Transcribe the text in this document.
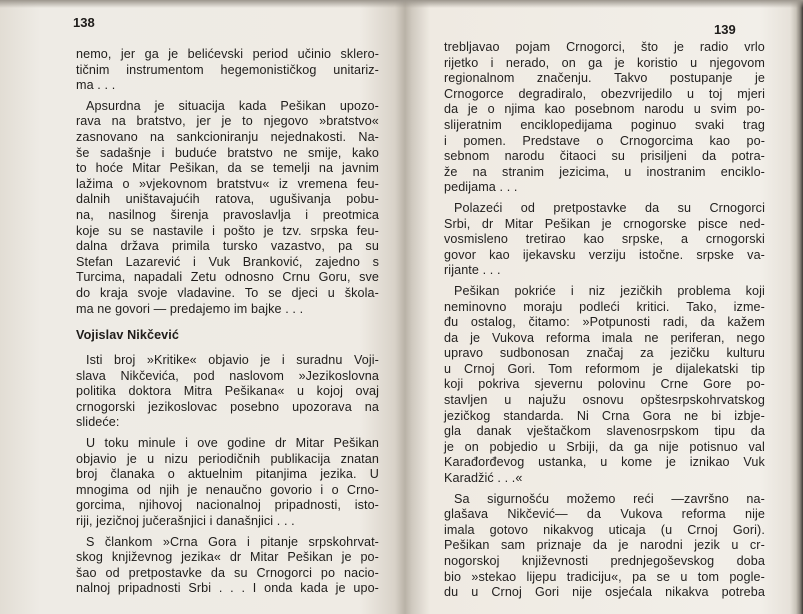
138
nemo, jer ga je belićevski period učinio sklero-
tičnim instrumentom hegemonističkog unitariz-
ma . . .
Apsurdna je situacija kada Pešikan upozo-
rava na bratstvo, jer je to njegovo »bratstvo«
zasnovano na sankcioniranju nejednakosti. Na-
še sadašnje i buduće bratstvo ne smije, kako
to hoće Mitar Pešikan, da se temelji na javnim
lažima o »vjekovnom bratstvu« iz vremena feu-
dalnih uništavajućih ratova, ugušivanja pobu-
na, nasilnog širenja pravoslavlja i preotmica
koje su se nastavile i pošto je tzv. srpska feu-
dalna država primila tursko vazastvo, pa su
Stefan Lazarević i Vuk Branković, zajedno s
Turcima, napadali Zetu odnosno Crnu Goru, sve
do kraja svoje vladavine. To se djeci u škola-
ma ne govori — predajemo im bajke . . .
Vojislav Nikčević
Isti broj »Kritike« objavio je i suradnu Voji-
slava Nikčevića, pod naslovom »Jezikoslovna
politika doktora Mitra Pešikana« u kojoj ovaj
crnogorski jezikoslovac posebno upozorava na
slideće:
U toku minule i ove godine dr Mitar Pešikan
objavio je u nizu periodičnih publikacija znatan
broj članaka o aktuelnim pitanjima jezika. U
mnogima od njih je nenaučno govorio i o Crno-
gorcima, njihovoj nacionalnoj pripadnosti, isto-
riji, jezičnoj jučerašnjici i današnjici . . .
S člankom »Crna Gora i pitanje srpskohrvat-
skog književnog jezika« dr Mitar Pešikan je po-
šao od pretpostavke da su Crnogorci po nacio-
nalnoj pripadnosti Srbi . . . I onda kada je upo-
139
trebljavao pojam Crnogorci, što je radio vrlo
rijetko i nerado, on ga je koristio u njegovom
regionalnom značenju. Takvo postupanje je
Crnogorce degradiralo, obezvrijedilo u toj mjeri
da je o njima kao posebnom narodu u svim po-
slijeratnim enciklopedijama poginuo svaki trag
i pomen. Predstave o Crnogorcima kao po-
sebnom narodu čitaoci su prisiljeni da potra-
že na stranim jezicima, u inostranim enciklo-
pedijama . . .
Polazeći od pretpostavke da su Crnogorci
Srbi, dr Mitar Pešikan je crnogorske pisce ned-
vosmisleno tretirao kao srpske, a crnogorski
govor kao ijekavsku verziju istočne. srpske va-
rijante . . .
Pešikan pokriće i niz jezičkih problema koji
neminovno moraju podleći kritici. Tako, izme-
đu ostalog, čitamo: »Potpunosti radi, da kažem
da je Vukova reforma imala ne periferan, nego
upravo sudbonosan značaj za jezičku kulturu
u Crnoj Gori. Tom reformom je dijalekatski tip
koji pokriva sjevernu polovinu Crne Gore po-
stavljen u najužu osnovu opštesrpskohrvatskog
jezičkog standarda. Ni Crna Gora ne bi izbje-
gla danak vještačkom slavenosrpskom tipu da
je on pobjedio u Srbiji, da ga nije potisnuo val
Karađorđevog ustanka, u kome je iznikao Vuk
Karadžić . . .«
Sa sigurnošću možemo reći —završno na-
glašava Nikčević— da Vukova reforma nije
imala gotovo nikakvog uticaja (u Crnoj Gori).
Pešikan sam priznaje da je narodni jezik u cr-
nogorskoj književnosti prednjegoševskog doba
bio »stekao lijepu tradiciju«, pa se u tom pogle-
du u Crnoj Gori nije osjećala nikakva potreba
